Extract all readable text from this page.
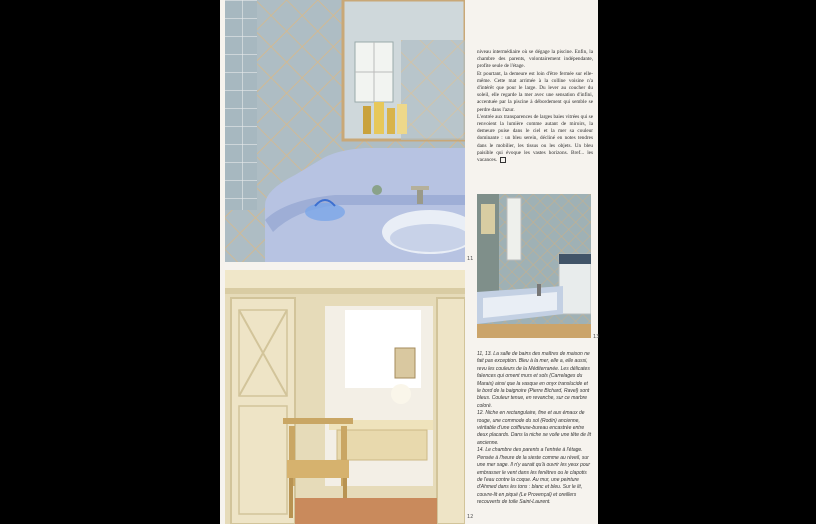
11
12

niveau intermédiaire où se dégage la piscine. Enfin, la chambre des parents, volontairement indépendante, profite seule de l'étage.

Et pourtant, la demeure est loin d'être fermée sur elle-même. Cette mat arrimée à la colline voisine n'a d'intérêt que pour le large. Du lever au coucher du soleil, elle regarde la mer avec une sensation d'infini, accentuée par la piscine à débordement qui semble se perdre dans l'azur.

L'entrée aux transparences de larges baies vitrées qui se renvoient la lumière comme autant de miroirs, la demeure puise dans le ciel et la mer sa couleur dominante : un bleu serein, décliné en notes tendres dans le mobilier, les tissus ou les objets. Un bleu paisible qui évoque les vastes horizons. Bref... les vacances.

13

11, 13. La salle de bains des maîtres de maison ne fait pas exception. Bleu à la mer, elle a, elle aussi, revu les couleurs de la Méditerranée. Les délicates faïences qui ornent murs et sols (Carrelages du Marais) ainsi que la vasque en onyx translucide et le bord de la baignoire (Pierre Bichard, Ravel) sont bleus. Couleur tenue, en revanche, sur ce marbre coloré.

12. Niche en rectangulaire, fine et aux émaux de rouge, une commode du sol (Rodin) ancienne, véritable d'une coiffeuse-bureau encastrée entre deux placards. Dans la niche se voile une tête de lit ancienne.

14. Le chambre des parents a l'entrée à l'étage. Pensée à l'heure de la sieste comme au réveil, sur une mer sage. Il n'y aurait qu'à ouvrir les yeux pour embrasser le vent dans les fenêtres ou le clapotis de l'eau contre la coque. Au mur, une peinture d'Ahmed dans les tons : blanc et bleu. Sur le lit, couvre-lit en piqué (Le Provençal) et oreillers recouverts de toile Saint-Laurent.
